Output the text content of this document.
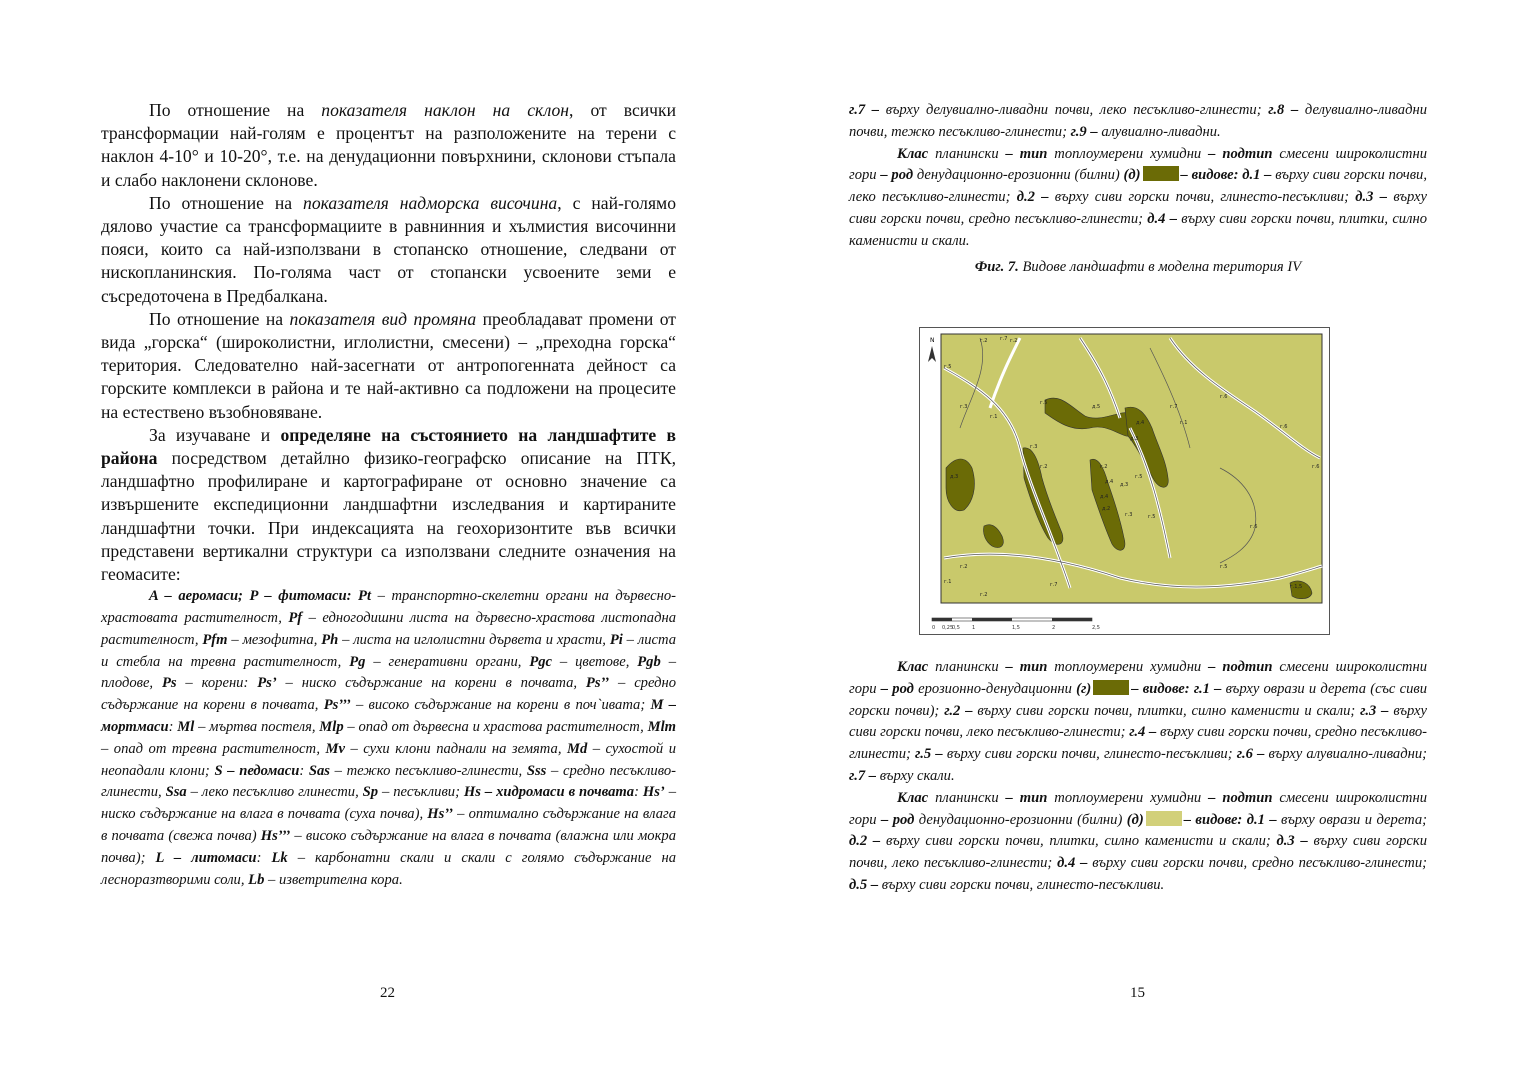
По отношение на показателя наклон на склон, от всички трансформации най-голям е процентът на разположените на терени с наклон 4-10° и 10-20°, т.е. на денудационни повърхнини, склонови стъпала и слабо наклонени склонове.

По отношение на показателя надморска височина, с най-голямо дялово участие са трансформациите в равнинния и хълмистия височинни пояси, които са най-използвани в стопанско отношение, следвани от нископланинския. По-голяма част от стопански усвоените земи е съсредоточена в Предбалкана.

По отношение на показателя вид промяна преобладават промени от вида „горска“ (широколистни, иглолистни, смесени) – „преходна горска“ територия. Следователно най-засегнати от антропогенната дейност са горските комплекси в района и те най-активно са подложени на процесите на естествено възобновяване.

За изучаване и определяне на състоянието на ландшафтите в района посредством детайлно физико-географско описание на ПТК, ландшафтно профилиране и картографиране от основно значение са извършените експедиционни ландшафтни изследвания и картираните ландшафтни точки. При индексацията на геохоризонтите във всички представени вертикални структури са използвани следните означения на геомасите:

A – аеромаси; P – фитомаси: Pt – транспортно-скелетни органи на дървесно-храстовата растителност, Pf – едногодишни листа на дървесно-храстова листопадна растителност, Pfm – мезофитна, Ph – листа на иглолистни дървета и храсти, Pi – листа и стебла на тревна растителност, Pg – генеративни органи, Pgc – цветове, Pgb – плодове, Ps – корени: Ps’ – ниско съдържание на корени в почвата, Ps’’ – средно съдържание на корени в почвата, Ps’’’ – високо съдържание на корени в поч`ивата; M – мортмаси: Ml – мъртва постеля, Mlp – опад от дървесна и храстова растителност, Mlm – опад от тревна растителност, Mv – сухи клони паднали на земята, Md – сухостой и неопадали клони; S – педомаси: Sas – тежко песъкливо-глинести, Sss – средно песъкливо-глинести, Ssa – леко песъкливо глинести, Sp – песъкливи; Hs – хидромаси в почвата: Hs’ – ниско съдържание на влага в почвата (суха почва), Hs’’ – оптимално съдържание на влага в почвата (свежа почва) Hs’’’ – високо съдържание на влага в почвата (влажна или мокра почва); L – литомаси: Lk – карбонатни скали и скали с голямо съдържание на лесноразтворими соли, Lb – изветрителна кора.

22

г.7 – върху делувиално-ливадни почви, леко песъкливо-глинести; г.8 – делувиално-ливадни почви, тежко песъкливо-глинести; г.9 – алувиално-ливадни.

Клас планински – тип топлоумерени хумидни – подтип смесени широколистни гори – род денудационно-ерозионни (билни) (д)	– видове: д.1 – върху сиви горски почви, леко песъкливо-глинести; д.2 – върху сиви горски почви, глинесто-песъкливи; д.3 – върху сиви горски почви, средно песъкливо-глинести; д.4 – върху сиви горски почви, плитки, силно каменисти и скали.

Фиг. 7. Видове ландшафти в моделна територия IV
N
0 0,25
0,5 1	1,5	2	2,5
г.2	г.7 г.2
г.5
г.3
г.1
г.5
г.7
г.6
г.1
д.3
д.5
д.4
д.3
г.3
г.2	г.2
д.4 д.3
г.5
д.4
д.2
г.3	г.5
г.6
г.2
г.6
г.1
г.2
г.7
г.5
г.1,5
г.6

Клас планински – тип топлоумерени хумидни – подтип смесени широколистни гори – род ерозионно-денудационни (г)	– видове: г.1 – върху оврази и дерета (със сиви горски почви); г.2 – върху сиви горски почви, плитки, силно каменисти и скали; г.3 – върху сиви горски почви, леко песъкливо-глинести; г.4 – върху сиви горски почви, средно песъкливо-глинести; г.5 – върху сиви горски почви, глинесто-песъкливи; г.6 – върху алувиално-ливадни; г.7 – върху скали.

Клас планински – тип топлоумерени хумидни – подтип смесени широколистни гори – род денудационно-ерозионни (билни) (д)	– видове: д.1 – върху оврази и дерета; д.2 – върху сиви горски почви, плитки, силно каменисти и скали; д.3 – върху сиви горски почви, леко песъкливо-глинести; д.4 – върху сиви горски почви, средно песъкливо-глинести; д.5 – върху сиви горски почви, глинесто-песъкливи.

15
